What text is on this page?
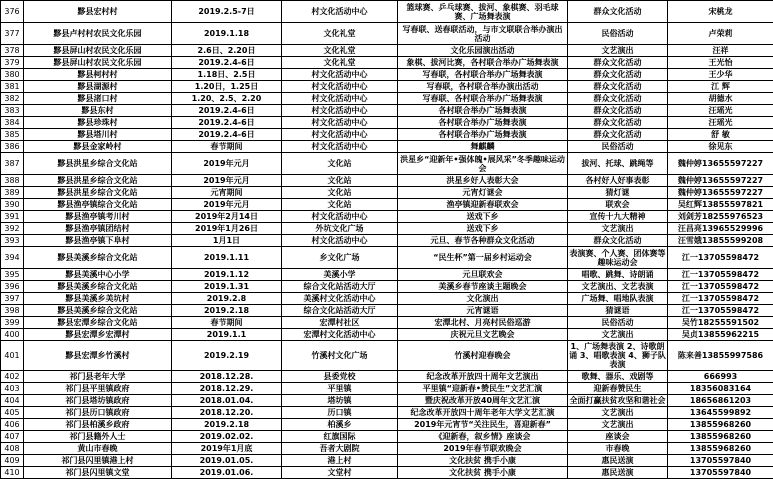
376	黟县宏村村	2019.2.5-7日	村文化活动中心	篮球赛、乒乓球赛、拔河、象棋赛、羽毛球赛、广场舞表演	群众文化活动	宋桃龙
377	黟县卢村村农民文化乐园	2019.1.18	文化礼堂	写春联、送春联活动，与市文联联合举办演出活动	民俗活动	卢荣莉
378	黟县屏山村农民文化乐园	2.6日、2.20日	文化礼堂	文化乐园演出活动	文艺演出	汪祥
379	黟县屏山村农民文化乐园	2019.2.4-6日	文化礼堂	象棋、拔河比赛，各村联合举办广场舞表演	群众文化活动	王光怡
380	黟县柯村村	1.18日、2.5日	村文化活动中心	写春联，各村联合举办广场舞表演	群众文化活动	王少华
381	黟县湖源村	1.20日，1.25日	村文化活动中心	写春联，各村联合举办演出活动	群众文化活动	江 辉
382	黟县渚口村	1.20、2.5、2.20	村文化活动中心	写春联、各村联合举办广场舞表演	群众文化活动	胡德水
383	黟县东村	2019.2.4-6日	村文化活动中心	各村联合举办广场舞表演	群众文化活动	汪瑶光
384	黟县珍珠村	2019.2.4-6日	村文化活动中心	各村联合举办广场舞表演	群众文化活动	汪瑶光
385	黟县塔川村	2019.2.4-6日	村文化活动中心	各村联合举办广场舞表演	群众文化活动	舒 敏
386	黟县金家岭村	春节期间	村文化活动中心	舞麒麟	民俗活动	徐见东
387	黟县洪星乡综合文化站	2019年元月	文化站	洪星乡“迎新年•强体魄•展风采”冬季趣味运动会	拔河、托球、跳绳等	魏仲婷13655597227
388	黟县洪星乡综合文化站	2019年元月	文化站	洪星乡好人表彰大会	各村好人好事表彰	魏仲婷13655597227
389	黟县洪星乡综合文化站	元宵期间	文化站	元宵灯谜会	猜灯谜	魏仲婷13655597227
390	黟县渔亭镇综合文化站	2019年元月	文化站	渔亭镇迎新春联欢会	联欢会	吴红辉13855597821
391	黟县渔亭镇考川村	2019年2月14日	村文化活动中心	送戏下乡	宣传十九大精神	刘剑芳18255976523
392	黟县渔亭镇团结村	2019年1月26日	外坑文化广场	送戏下乡	文艺演出	汪昌亮13965529996
393	黟县渔亭镇下阜村	1月1日	村文化活动中心	元旦、春节各种群众文化活动	群众文化活动	汪雪娥13855599208
394	黟县美溪乡综合文化站	2019.1.11	乡文化广场	“民生杯”第一届乡村运动会	表演赛、个人赛、团体赛等趣味运动会	江一13705598472
395	黟县美溪中心小学	2019.1.12	美溪小学	元旦联欢会	唱歌、跳舞、诗朗诵	江一13705598472
396	黟县美溪乡综合文化站	2019.1.31	综合文化站活动大厅	美溪乡春节座谈主题晚会	文艺演出、文艺表演	江一13705598472
397	黟县美溪乡美坑村	2019.2.8	美溪村文化活动中心	文化演出	广场舞、唱地队表演	江一13705598472
398	黟县美溪乡综合文化站	2019.2.18	综合文化站活动大厅	元宵谜语	猜谜语	江一13705598472
399	黟县宏潭乡综合文化站	春节期间	宏潭村社区	宏潭北村、月亮村民俗巡游	民俗活动	吴竹18255591502
400	黟县宏潭乡宏潭村	2019.1.1	宏潭村文化活动中心	庆祝元旦文艺晚会	文艺演出	吴贞13855962215
401	黟县宏潭乡竹溪村	2019.2.19	竹溪村文化广场	竹溪村迎春晚会	1、广场舞表演 2、诗歌朗诵 3、唱歌表演 4、狮子队表演	陈来善13855997586
402	祁门县老年大学	2018.12.28.	县委党校	纪念改革开放四十周年文艺演出	歌舞、器乐、戏剧等	666993
403	祁门县平里镇政府	2018.12.29.	平里镇	平里镇“迎新春•赞民生”文艺汇演	迎新春赞民生	18356083164
404	祁门县塔坊镇政府	2018.01.04.	塔坊镇	暨庆祝改革开放40周年文艺汇演	全面打赢扶贫攻坚和谐社会	18656861203
405	祁门县历口镇政府	2018.12.20.	历口镇	纪念改革开放四十周年老年大学文艺汇演	文艺演出	13645599892
406	祁门县柏溪乡政府	2019.2.18	柏溪乡	2019年元宵节“关注民生，喜迎新春”	文艺演出	13855968260
407	祁门县籍外人士	2019.02.02.	红旗国际	《迎新春，叙乡情》座谈会	座谈会	13855968260
408	黄山市春晚	2019年1月底	吾者大剧院	2019年春节联欢晚会	市春晚	13855968260
409	祁门县闪里镇港上村	2019.01.05.	港上村	文化扶贫 携手小康	惠民送演	13705597840
410	祁门县闪里镇文堂	2019.01.06.	文堂村	文化扶贫 携手小康	惠民送演	13705597840
